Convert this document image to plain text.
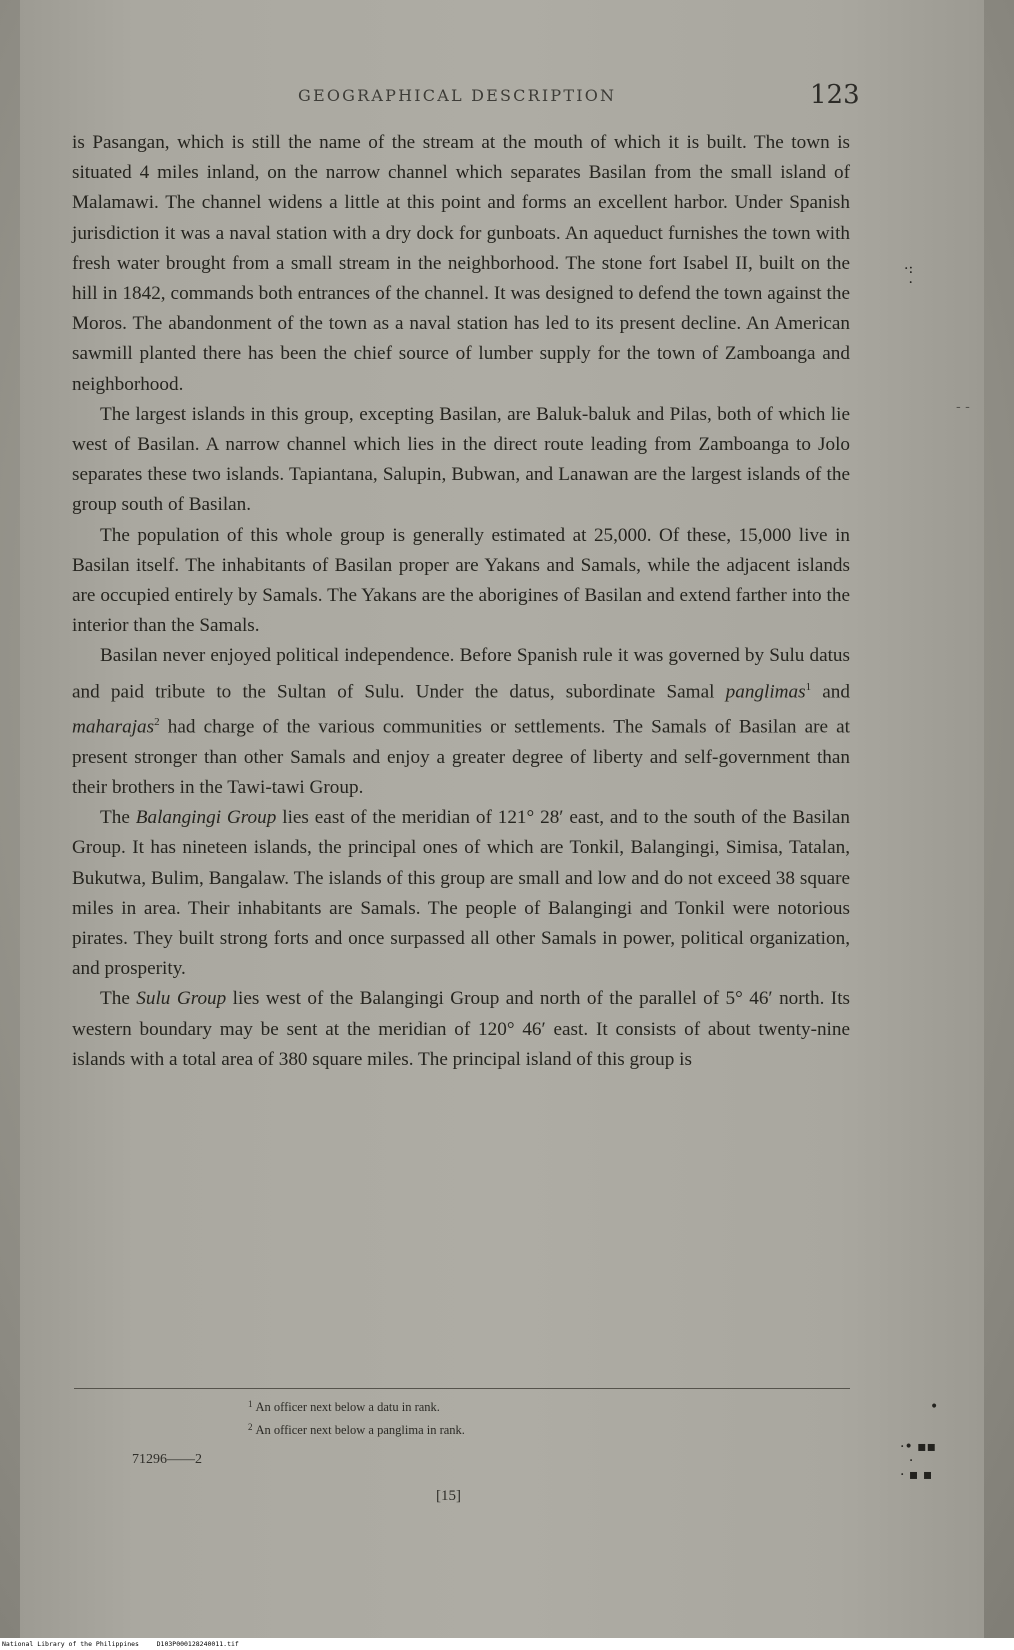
GEOGRAPHICAL DESCRIPTION	123

is Pasangan, which is still the name of the stream at the mouth of which it is built. The town is situated 4 miles inland, on the narrow channel which separates Basilan from the small island of Malamawi. The channel widens a little at this point and forms an excellent harbor. Under Spanish jurisdiction it was a naval station with a dry dock for gunboats. An aqueduct furnishes the town with fresh water brought from a small stream in the neighborhood. The stone fort Isabel II, built on the hill in 1842, commands both entrances of the channel. It was designed to defend the town against the Moros. The abandonment of the town as a naval station has led to its present decline. An American sawmill planted there has been the chief source of lumber supply for the town of Zamboanga and neighborhood.

The largest islands in this group, excepting Basilan, are Baluk-baluk and Pilas, both of which lie west of Basilan. A narrow channel which lies in the direct route leading from Zamboanga to Jolo separates these two islands. Tapiantana, Salupin, Bubwan, and Lanawan are the largest islands of the group south of Basilan.

The population of this whole group is generally estimated at 25,000. Of these, 15,000 live in Basilan itself. The inhabitants of Basilan proper are Yakans and Samals, while the adjacent islands are occupied entirely by Samals. The Yakans are the aborigines of Basilan and extend farther into the interior than the Samals.

Basilan never enjoyed political independence. Before Spanish rule it was governed by Sulu datus and paid tribute to the Sultan of Sulu. Under the datus, subordinate Samal panglimas$^1$ and maharajas$^2$ had charge of the various communities or settlements. The Samals of Basilan are at present stronger than other Samals and enjoy a greater degree of liberty and self-government than their brothers in the Tawi-tawi Group.

The Balangingi Group lies east of the meridian of 121° 28′ east, and to the south of the Basilan Group. It has nineteen islands, the principal ones of which are Tonkil, Balangingi, Simisa, Tatalan, Bukutwa, Bulim, Bangalaw. The islands of this group are small and low and do not exceed 38 square miles in area. Their inhabitants are Samals. The people of Balangingi and Tonkil were notorious pirates. They built strong forts and once surpassed all other Samals in power, political organization, and prosperity.

The Sulu Group lies west of the Balangingi Group and north of the parallel of 5° 46′ north. Its western boundary may be sent at the meridian of 120° 46′ east. It consists of about twenty-nine islands with a total area of 380 square miles. The principal island of this group is

$^1$ An officer next below a datu in rank.
$^2$ An officer next below a panglima in rank.
71296——2
[15]
·:
·
- -
·• ▪▪
·
· ▪ ▪
•
National Library of the Philippines	D103P000128240011.tif
